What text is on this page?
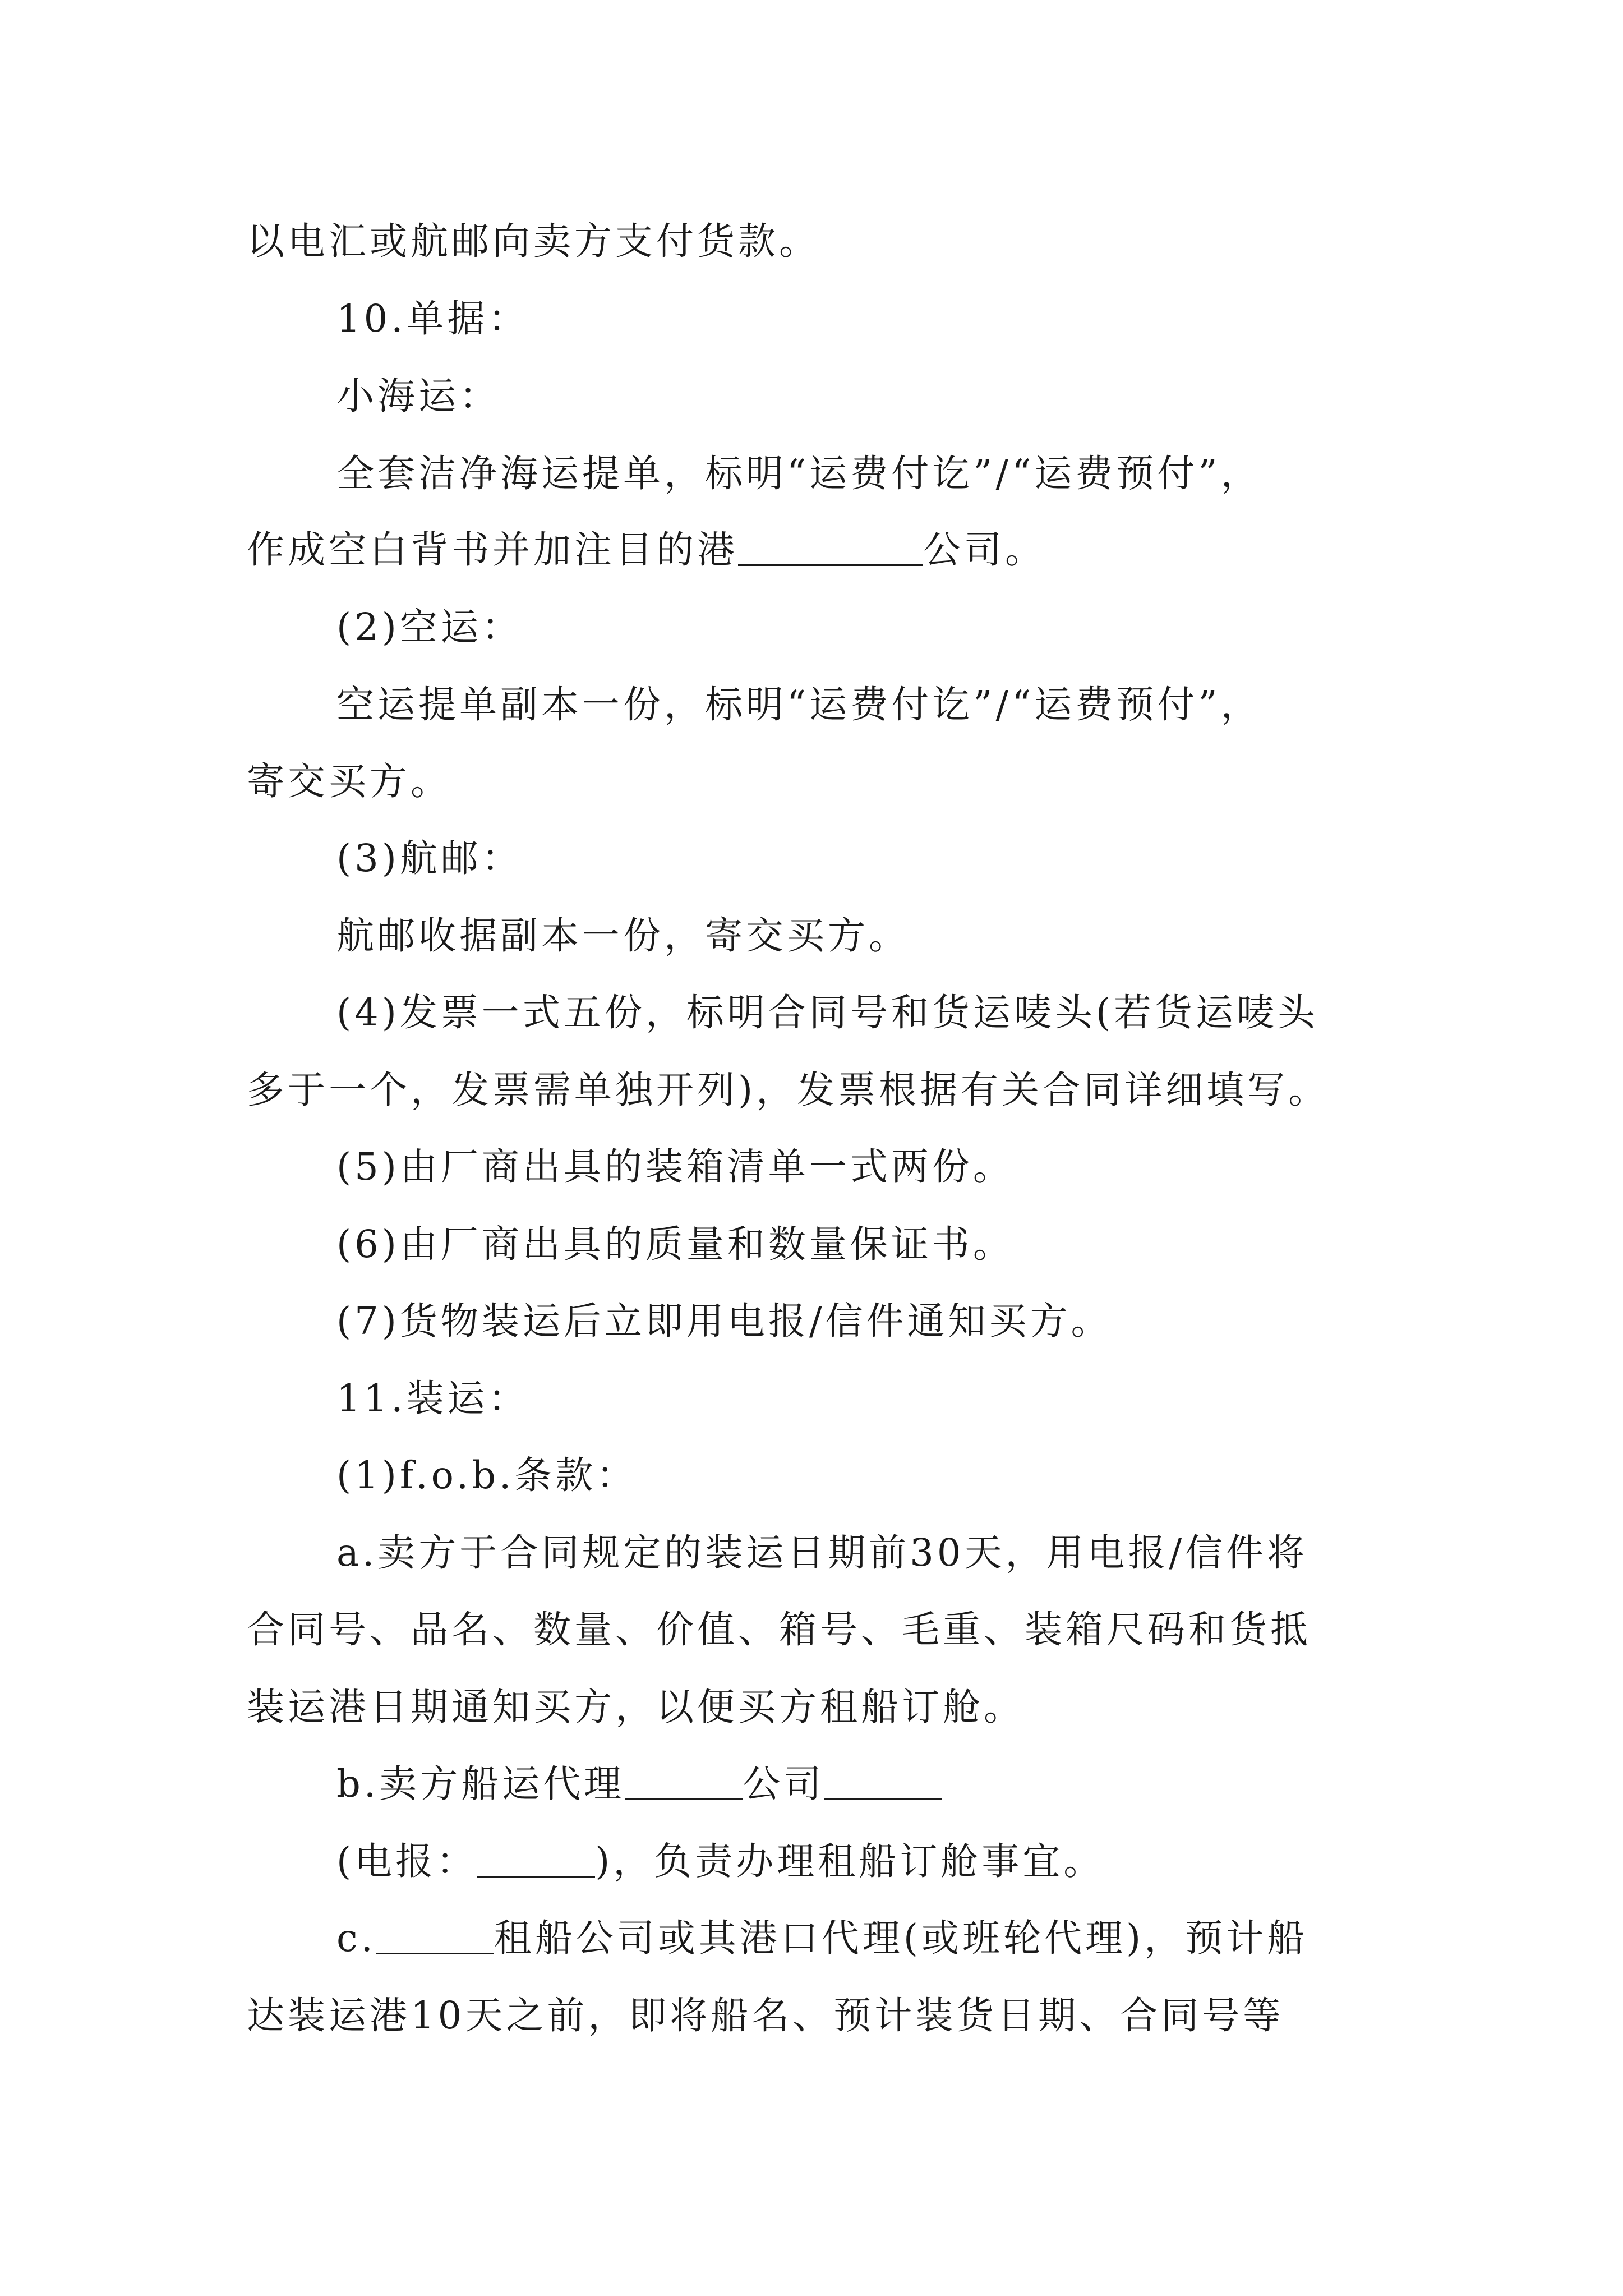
以电汇或航邮向卖方支付货款。
10.单据：
小海运：
全套洁净海运提单，标明“运费付讫”/“运费预付”，
作成空白背书并加注目的港	公司。
(2)空运：
空运提单副本一份，标明“运费付讫”/“运费预付”，
寄交买方。
(3)航邮：
航邮收据副本一份，寄交买方。
(4)发票一式五份，标明合同号和货运唛头(若货运唛头
多于一个，发票需单独开列)，发票根据有关合同详细填写。
(5)由厂商出具的装箱清单一式两份。
(6)由厂商出具的质量和数量保证书。
(7)货物装运后立即用电报/信件通知买方。
11.装运：
(1)f.o.b.条款：
a.卖方于合同规定的装运日期前30天，用电报/信件将
合同号、品名、数量、价值、箱号、毛重、装箱尺码和货抵
装运港日期通知买方，以便买方租船订舱。
b.卖方船运代理	公司
(电报：	)，负责办理租船订舱事宜。
c.	租船公司或其港口代理(或班轮代理)，预计船
达装运港10天之前，即将船名、预计装货日期、合同号等
